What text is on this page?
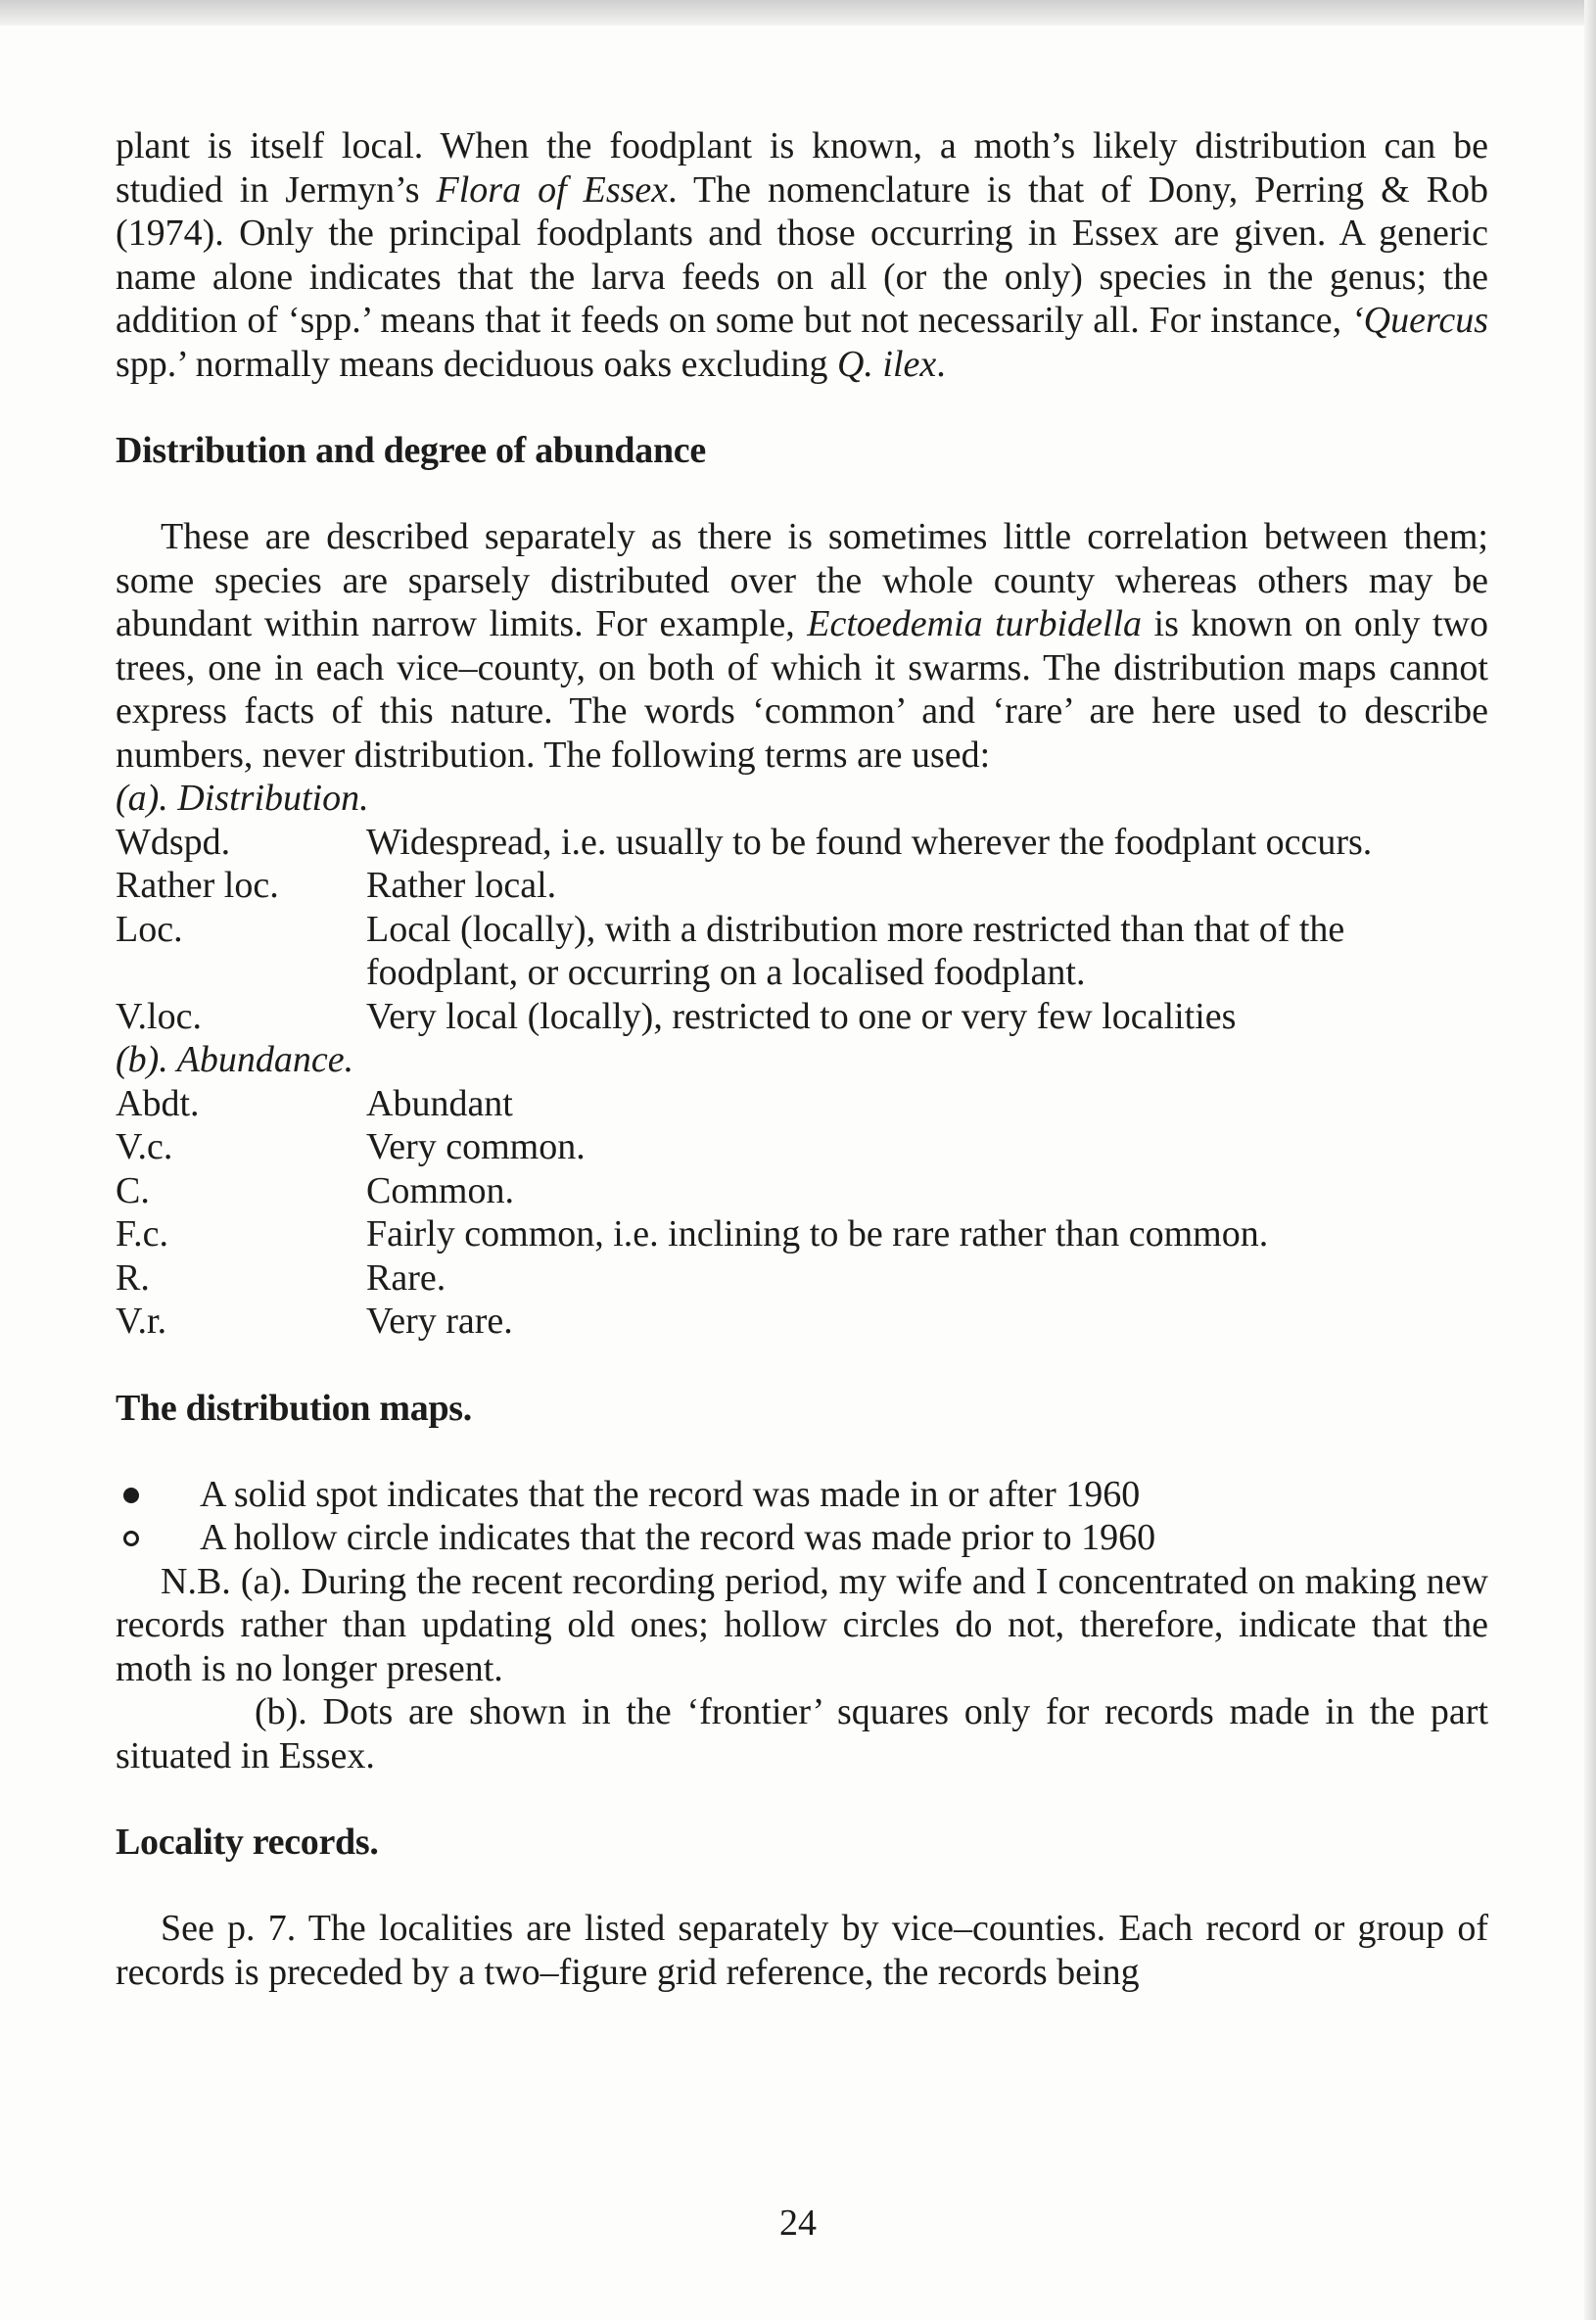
plant is itself local. When the foodplant is known, a moth’s likely distribution can be studied in Jermyn’s Flora of Essex. The nomenclature is that of Dony, Perring & Rob (1974). Only the principal foodplants and those occurring in Essex are given. A generic name alone indicates that the larva feeds on all (or the only) species in the genus; the addition of ‘spp.’ means that it feeds on some but not necessarily all. For instance, ‘Quercus spp.’ normally means deciduous oaks excluding Q. ilex.

Distribution and degree of abundance

These are described separately as there is sometimes little correlation between them; some species are sparsely distributed over the whole county whereas others may be abundant within narrow limits. For example, Ectoedemia turbidella is known on only two trees, one in each vice–county, on both of which it swarms. The distribution maps cannot express facts of this nature. The words ‘common’ and ‘rare’ are here used to describe numbers, never distribution. The following terms are used:

(a). Distribution.
Wdspd.	Widespread, i.e. usually to be found wherever the foodplant occurs.
Rather loc.	Rather local.
Loc.	Local (locally), with a distribution more restricted than that of the foodplant, or occurring on a localised foodplant.
V.loc.	Very local (locally), restricted to one or very few localities
(b). Abundance.
Abdt.	Abundant
V.c.	Very common.
C.	Common.
F.c.	Fairly common, i.e. inclining to be rare rather than common.
R.	Rare.
V.r.	Very rare.
The distribution maps.
A solid spot indicates that the record was made in or after 1960
A hollow circle indicates that the record was made prior to 1960

N.B. (a). During the recent recording period, my wife and I concentrated on making new records rather than updating old ones; hollow circles do not, therefore, indicate that the moth is no longer present.

(b). Dots are shown in the ‘frontier’ squares only for records made in the part situated in Essex.

Locality records.

See p. 7. The localities are listed separately by vice–counties. Each record or group of records is preceded by a two–figure grid reference, the records being

24
